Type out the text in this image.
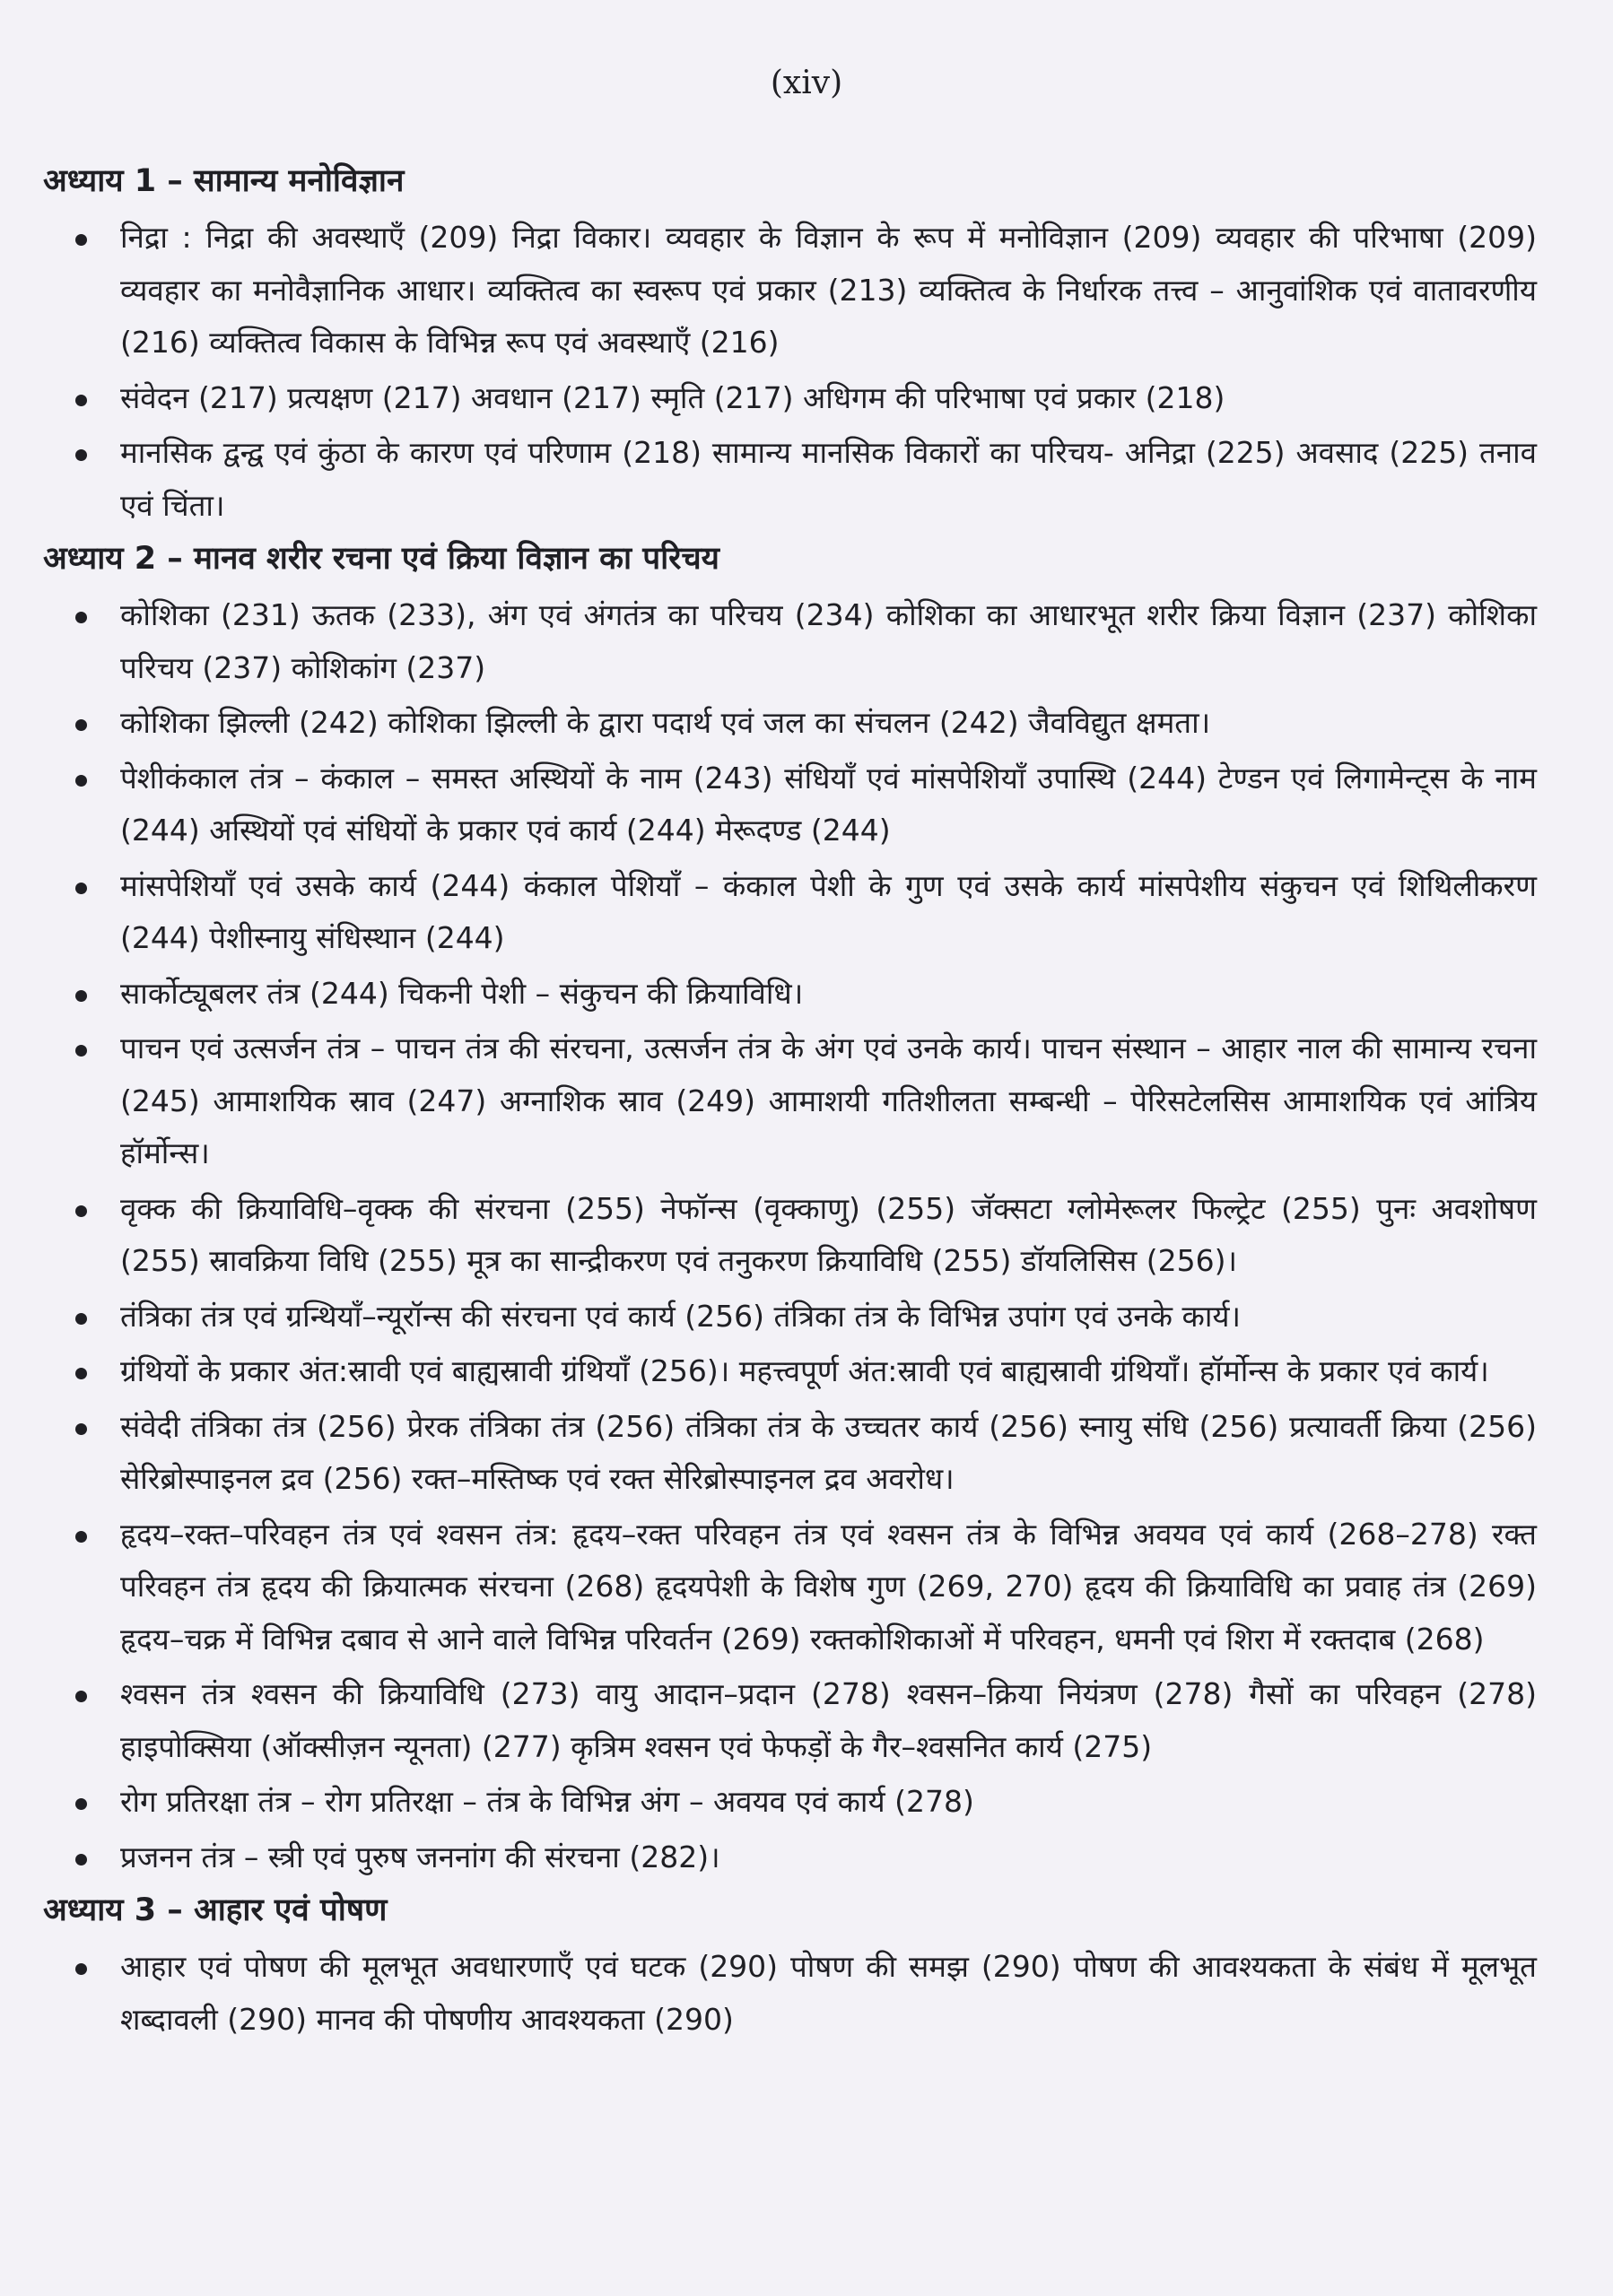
(xiv)
अध्याय 1 – सामान्य मनोविज्ञान
निद्रा : निद्रा की अवस्थाएँ (209) निद्रा विकार। व्यवहार के विज्ञान के रूप में मनोविज्ञान (209) व्यवहार की परिभाषा (209) व्यवहार का मनोवैज्ञानिक आधार। व्यक्तित्व का स्वरूप एवं प्रकार (213) व्यक्तित्व के निर्धारक तत्त्व – आनुवांशिक एवं वातावरणीय (216) व्यक्तित्व विकास के विभिन्न रूप एवं अवस्थाएँ (216)
संवेदन (217) प्रत्यक्षण (217) अवधान (217) स्मृति (217) अधिगम की परिभाषा एवं प्रकार (218)
मानसिक द्वन्द्व एवं कुंठा के कारण एवं परिणाम (218) सामान्य मानसिक विकारों का परिचय- अनिद्रा (225) अवसाद (225) तनाव एवं चिंता।
अध्याय 2 – मानव शरीर रचना एवं क्रिया विज्ञान का परिचय
कोशिका (231) ऊतक (233), अंग एवं अंगतंत्र का परिचय (234) कोशिका का आधारभूत शरीर क्रिया विज्ञान (237) कोशिका परिचय (237) कोशिकांग (237)
कोशिका झिल्ली (242) कोशिका झिल्ली के द्वारा पदार्थ एवं जल का संचलन (242) जैवविद्युत क्षमता।
पेशीकंकाल तंत्र – कंकाल – समस्त अस्थियों के नाम (243) संधियाँ एवं मांसपेशियाँ उपास्थि (244) टेण्डन एवं लिगामेन्ट्स के नाम (244) अस्थियों एवं संधियों के प्रकार एवं कार्य (244) मेरूदण्ड (244)
मांसपेशियाँ एवं उसके कार्य (244) कंकाल पेशियाँ – कंकाल पेशी के गुण एवं उसके कार्य मांसपेशीय संकुचन एवं शिथिलीकरण (244) पेशीस्नायु संधिस्थान (244)
सार्कोट्यूबलर तंत्र (244) चिकनी पेशी – संकुचन की क्रियाविधि।
पाचन एवं उत्सर्जन तंत्र – पाचन तंत्र की संरचना, उत्सर्जन तंत्र के अंग एवं उनके कार्य। पाचन संस्थान – आहार नाल की सामान्य रचना (245) आमाशयिक स्राव (247) अग्नाशिक स्राव (249) आमाशयी गतिशीलता सम्बन्धी – पेरिसटेलसिस आमाशयिक एवं आंत्रिय हॉर्मोन्स।
वृक्क की क्रियाविधि–वृक्क की संरचना (255) नेफॉन्स (वृक्काणु) (255) जॅक्सटा ग्लोमेरूलर फिल्ट्रेट (255) पुनः अवशोषण (255) स्रावक्रिया विधि (255) मूत्र का सान्द्रीकरण एवं तनुकरण क्रियाविधि (255) डॉयलिसिस (256)।
तंत्रिका तंत्र एवं ग्रन्थियाँ–न्यूरॉन्स की संरचना एवं कार्य (256) तंत्रिका तंत्र के विभिन्न उपांग एवं उनके कार्य।
ग्रंथियों के प्रकार अंत:स्रावी एवं बाह्यस्रावी ग्रंथियाँ (256)। महत्त्वपूर्ण अंत:स्रावी एवं बाह्यस्रावी ग्रंथियाँ। हॉर्मोन्स के प्रकार एवं कार्य।
संवेदी तंत्रिका तंत्र (256) प्रेरक तंत्रिका तंत्र (256) तंत्रिका तंत्र के उच्चतर कार्य (256) स्नायु संधि (256) प्रत्यावर्ती क्रिया (256) सेरिब्रोस्पाइनल द्रव (256) रक्त–मस्तिष्क एवं रक्त सेरिब्रोस्पाइनल द्रव अवरोध।
हृदय–रक्त–परिवहन तंत्र एवं श्वसन तंत्र: हृदय–रक्त परिवहन तंत्र एवं श्वसन तंत्र के विभिन्न अवयव एवं कार्य (268–278) रक्त परिवहन तंत्र हृदय की क्रियात्मक संरचना (268) हृदयपेशी के विशेष गुण (269, 270) हृदय की क्रियाविधि का प्रवाह तंत्र (269) हृदय–चक्र में विभिन्न दबाव से आने वाले विभिन्न परिवर्तन (269) रक्तकोशिकाओं में परिवहन, धमनी एवं शिरा में रक्तदाब (268)
श्वसन तंत्र श्वसन की क्रियाविधि (273) वायु आदान–प्रदान (278) श्वसन–क्रिया नियंत्रण (278) गैसों का परिवहन (278) हाइपोक्सिया (ऑक्सीज़न न्यूनता) (277) कृत्रिम श्वसन एवं फेफड़ों के गैर–श्वसनित कार्य (275)
रोग प्रतिरक्षा तंत्र – रोग प्रतिरक्षा – तंत्र के विभिन्न अंग – अवयव एवं कार्य (278)
प्रजनन तंत्र – स्त्री एवं पुरुष जननांग की संरचना (282)।
अध्याय 3 – आहार एवं पोषण
आहार एवं पोषण की मूलभूत अवधारणाएँ एवं घटक (290) पोषण की समझ (290) पोषण की आवश्यकता के संबंध में मूलभूत शब्दावली (290) मानव की पोषणीय आवश्यकता (290)
